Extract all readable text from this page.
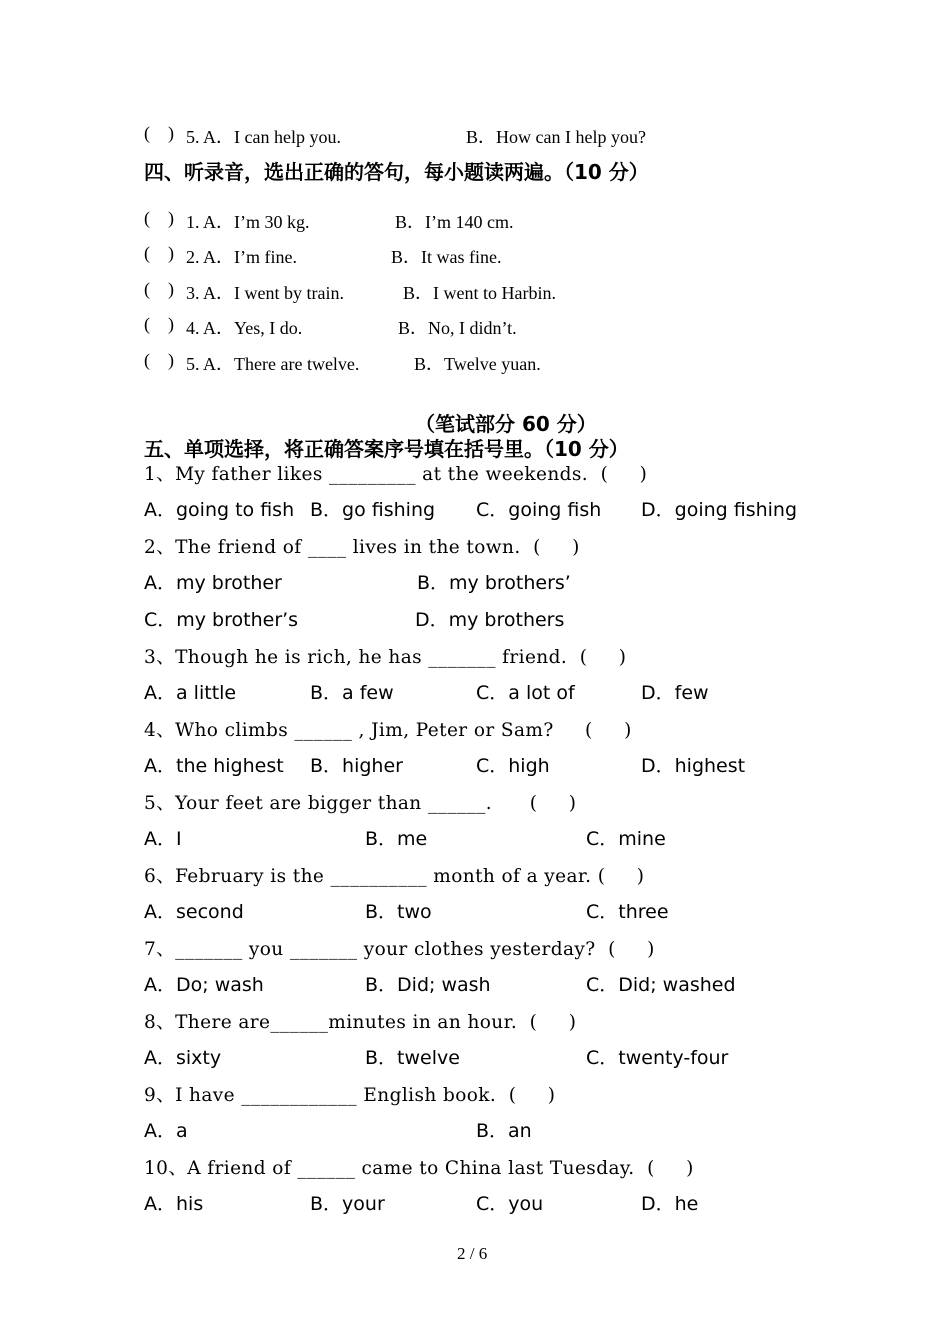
(    ) 5. A．I can help you.	B．How can I help you?
四、听录音，选出正确的答句，每小题读两遍。（10 分）
(    ) 1. A．I’m 30 kg.	B．I’m 140 cm.
(    ) 2. A．I’m fine.	B．It was fine.
(    ) 3. A．I went by train.	B．I went to Harbin.
(    ) 4. A．Yes, I do.	B．No, I didn’t.
(    ) 5. A．There are twelve.	B．Twelve yuan.
（笔试部分 60 分）
五、单项选择，将正确答案序号填在括号里。（10 分）
1、My father likes _________ at the weekends.  (     )
A．going to fish B．go fishing C．going fish D．going fishing
2、The friend of ____ lives in the town.  (     )
A．my brother	B．my brothers’
C．my brother’s	D．my brothers
3、Though he is rich, he has _______ friend.  (     )
A．a little	B．a few	C．a lot of	D．few
4、Who climbs ______ , Jim, Peter or Sam?     (     )
A．the highest B．higher	C．high	D．highest
5、Your feet are bigger than ______.      (     )
A．I	B．me	C．mine
6、February is the __________ month of a year. (     )
A．second	B．two	C．three
7、_______ you _______ your clothes yesterday?  (     )
A．Do; wash	B．Did; wash	C．Did; washed
8、There are______minutes in an hour.  (     )
A．sixty	B．twelve	C．twenty-four
9、I have ____________ English book.  (     )
A．a	B．an
10、A friend of ______ came to China last Tuesday.  (     )
A．his	B．your	C．you	D．he
2 / 6
